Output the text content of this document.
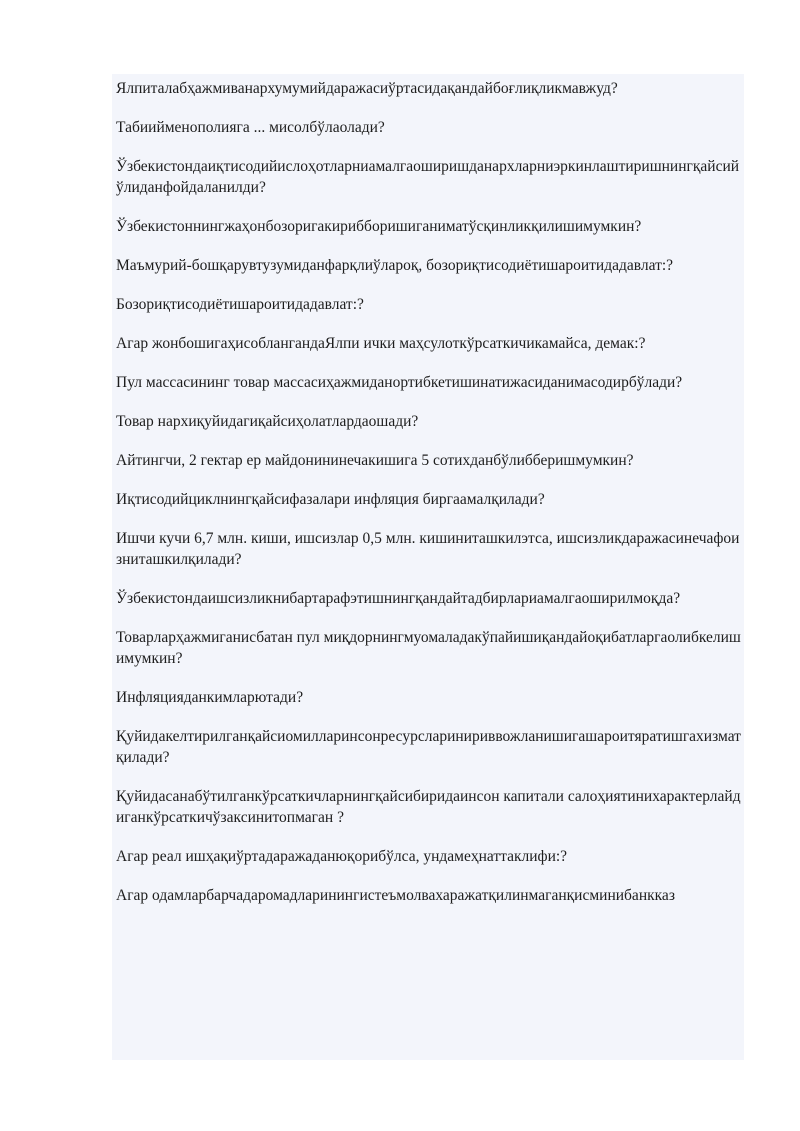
Ялпиталабҳажмиванархумумийдаражасиўртасидақандайбоғлиқликмавжуд?

Табиийменополияга ... мисолбўлаолади?

Ўзбекистондаиқтисодийислоҳотларниамалгаоширишданархларниэркинлаштиришнингқайсийўлиданфойдаланилди?

Ўзбекистоннингжаҳонбозоригакириббоpишиганиматўсқинликқилишимумкин?

Маъмурий-бошқарувтузумиданфарқлиўлароқ, бозориқтисодиётишароитидадавлат:?

Бозориқтисодиётишароитидадавлат:?

Агар жонбошигаҳисоблангандаЯлпи ички маҳсулоткўрсаткичикамайса, демак:?

Пул массасининг товар массасиҳажмиданортибкетишинатижасиданимасодирбўлади?

Товар нархиқуйидагиқайсиҳолатлардаошади?

Айтингчи, 2 гектар ер майдонининечакишига 5 сотихданбўлибберишмумкин?

Иқтисодийциклнингқайсифазалари инфляция биргаамалқилади?

Ишчи кучи 6,7 млн. киши, ишсизлар 0,5 млн. кишиниташкилэтса, ишсизликдаражасинечафоизниташкилқилади?

Ўзбекистондаишсизликнибартарафэтишнингқандайтадбирлариамалгаоширилмоқда?

Товарларҳажмиганисбатан пул миқдорнингмуомаладакўпайишиқандайоқибатларгаолибкелишимумкин?

Инфляцияданкимларютади?

Қуйидакелтирилганқайсиомилларинсонресурсларинириввожланишигашароитяратишгахизматқилади?

Қуйидасанабўтилганкўрсаткичларнингқайсибиридаинсон капитали салоҳиятинихарактерлайдиганкўрсаткичўзаксинитопмаган ?

Агар реал ишҳақиўртадаражаданюқорибўлса, ундамеҳнаттаклифи:?

Агар одамларбарчадаромадларинингистеъмолвахаражатқилинмаганқисминибанкказ
